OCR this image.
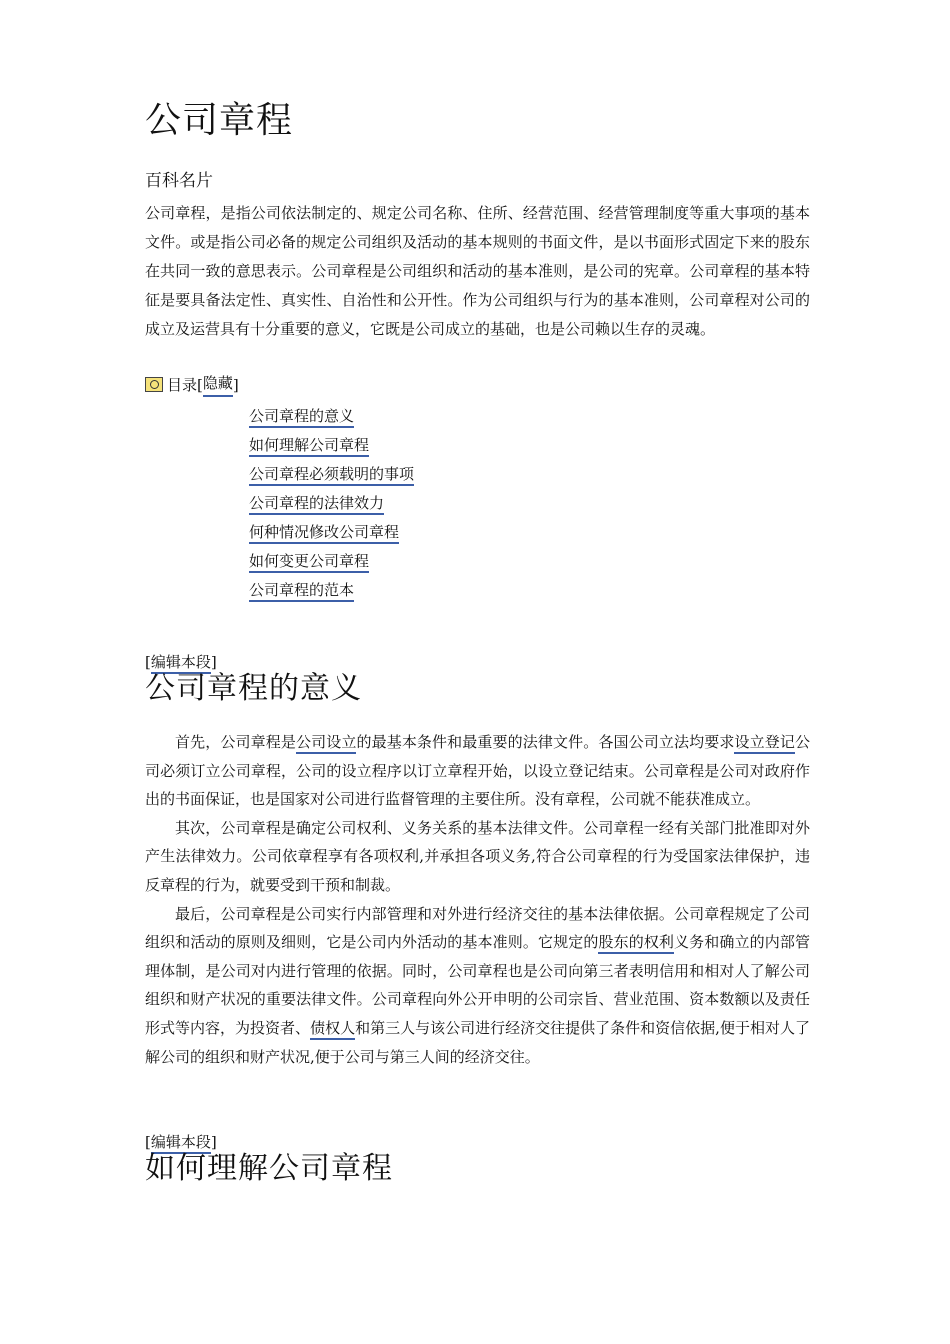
公司章程
百科名片

公司章程，是指公司依法制定的、规定公司名称、住所、经营范围、经营管理制度等重大事项的基本文件。或是指公司必备的规定公司组织及活动的基本规则的书面文件，是以书面形式固定下来的股东在共同一致的意思表示。公司章程是公司组织和活动的基本准则，是公司的宪章。公司章程的基本特征是要具备法定性、真实性、自治性和公开性。作为公司组织与行为的基本准则，公司章程对公司的成立及运营具有十分重要的意义，它既是公司成立的基础，也是公司赖以生存的灵魂。

目录 [ 隐藏 ]
公司章程的意义
如何理解公司章程
公司章程必须载明的事项
公司章程的法律效力
何种情况修改公司章程
如何变更公司章程
公司章程的范本
[编辑本段]
公司章程的意义

首先，公司章程是公司设立的最基本条件和最重要的法律文件。各国公司立法均要求设立登记公司必须订立公司章程，公司的设立程序以订立章程开始，以设立登记结束。公司章程是公司对政府作出的书面保证，也是国家对公司进行监督管理的主要住所。没有章程，公司就不能获准成立。

其次，公司章程是确定公司权利、义务关系的基本法律文件。公司章程一经有关部门批准即对外产生法律效力。公司依章程享有各项权利,并承担各项义务,符合公司章程的行为受国家法律保护，违反章程的行为，就要受到干预和制裁。

最后，公司章程是公司实行内部管理和对外进行经济交往的基本法律依据。公司章程规定了公司组织和活动的原则及细则，它是公司内外活动的基本准则。它规定的股东的权利义务和确立的内部管理体制，是公司对内进行管理的依据。同时，公司章程也是公司向第三者表明信用和相对人了解公司组织和财产状况的重要法律文件。公司章程向外公开申明的公司宗旨、营业范围、资本数额以及责任形式等内容，为投资者、债权人和第三人与该公司进行经济交往提供了条件和资信依据,便于相对人了解公司的组织和财产状况,便于公司与第三人间的经济交往。

[编辑本段]
如何理解公司章程
